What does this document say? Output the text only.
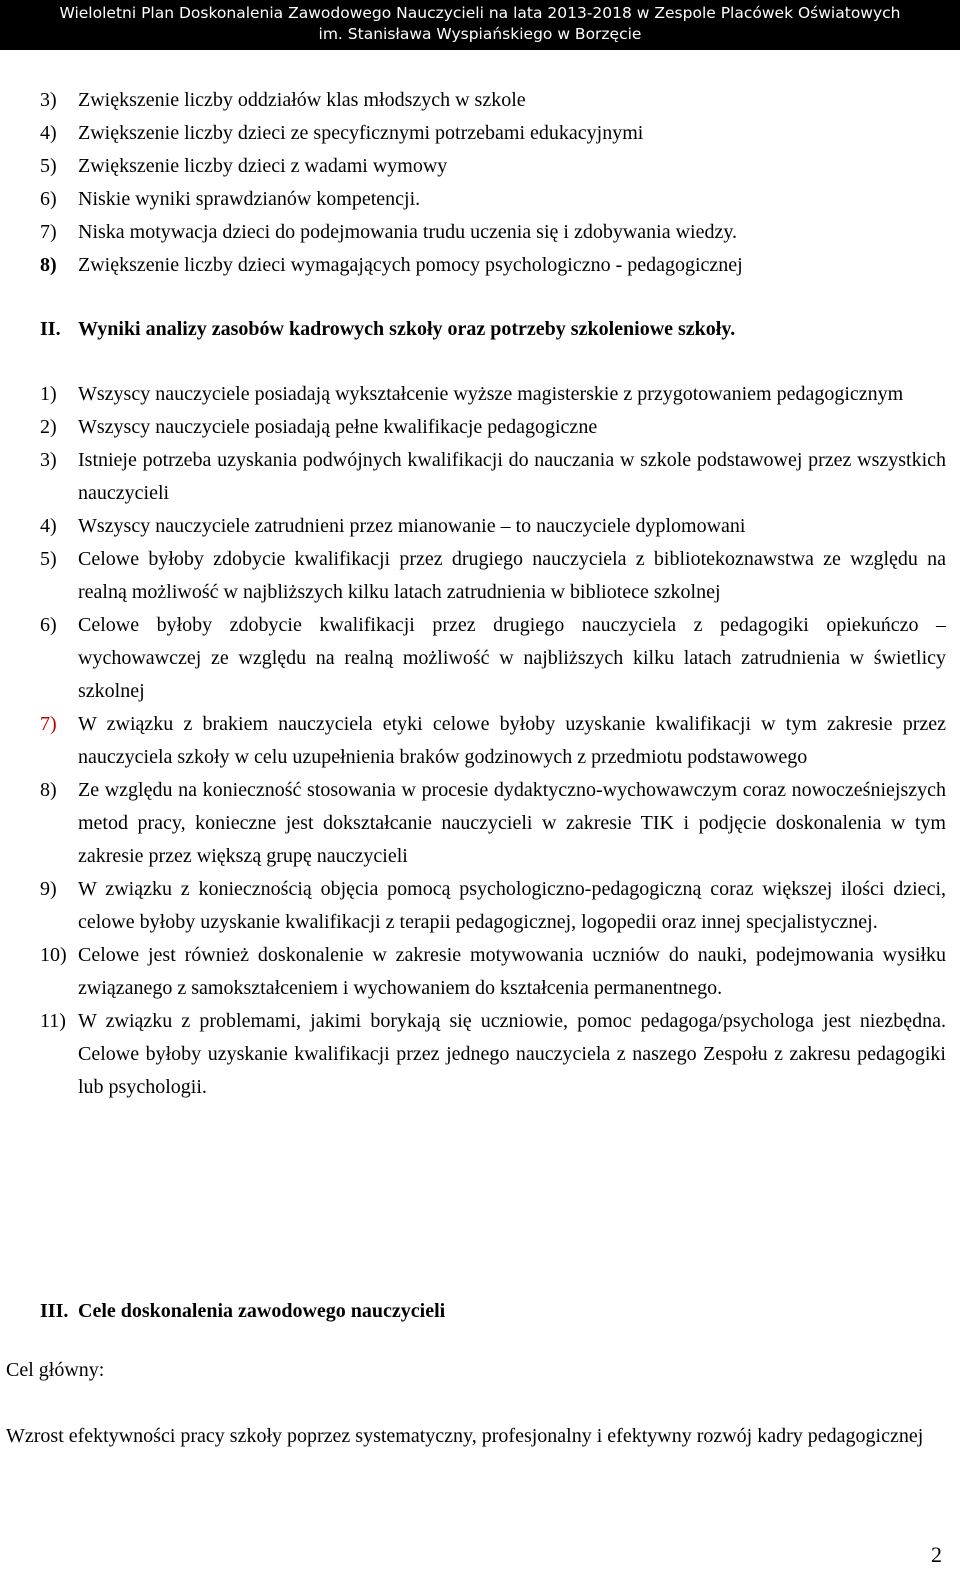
Wieloletni Plan Doskonalenia Zawodowego Nauczycieli na lata 2013-2018 w Zespole Placówek Oświatowych
im. Stanisława Wyspiańskiego w Borzęcie
3)	Zwiększenie liczby oddziałów klas młodszych w szkole
4)	Zwiększenie liczby dzieci ze specyficznymi potrzebami edukacyjnymi
5)	Zwiększenie liczby dzieci z wadami wymowy
6)	Niskie wyniki sprawdzianów kompetencji.
7)	Niska motywacja dzieci do podejmowania trudu uczenia się i zdobywania wiedzy.
8)	Zwiększenie liczby dzieci wymagających pomocy psychologiczno - pedagogicznej
II. Wyniki analizy zasobów kadrowych szkoły oraz potrzeby szkoleniowe szkoły.
1)	Wszyscy nauczyciele posiadają wykształcenie wyższe magisterskie z przygotowaniem pedagogicznym
2)	Wszyscy nauczyciele posiadają pełne kwalifikacje pedagogiczne
3)	Istnieje potrzeba uzyskania podwójnych kwalifikacji do nauczania w szkole podstawowej przez wszystkich nauczycieli
4)	Wszyscy nauczyciele zatrudnieni przez mianowanie – to nauczyciele dyplomowani
5)	Celowe byłoby zdobycie kwalifikacji przez drugiego nauczyciela z bibliotekoznawstwa ze względu na realną możliwość w najbliższych kilku latach zatrudnienia w bibliotece szkolnej
6)	Celowe byłoby zdobycie kwalifikacji przez drugiego nauczyciela z pedagogiki opiekuńczo – wychowawczej ze względu na realną możliwość w najbliższych kilku latach zatrudnienia w świetlicy szkolnej
7)	W związku z brakiem nauczyciela etyki celowe byłoby uzyskanie kwalifikacji w tym zakresie przez nauczyciela szkoły w celu uzupełnienia braków godzinowych z przedmiotu podstawowego
8)	Ze względu na konieczność stosowania w procesie dydaktyczno-wychowawczym coraz nowocześniejszych metod pracy, konieczne jest dokształcanie nauczycieli w zakresie TIK i podjęcie doskonalenia w tym zakresie przez większą grupę nauczycieli
9)	W związku z koniecznością objęcia pomocą psychologiczno-pedagogiczną coraz większej ilości dzieci, celowe byłoby uzyskanie kwalifikacji z terapii pedagogicznej, logopedii oraz innej specjalistycznej.
10) Celowe jest również doskonalenie w zakresie motywowania uczniów do nauki, podejmowania wysiłku związanego z samokształceniem i wychowaniem do kształcenia permanentnego.
11) W związku z problemami, jakimi borykają się uczniowie, pomoc pedagoga/psychologa jest niezbędna. Celowe byłoby uzyskanie kwalifikacji przez jednego nauczyciela z naszego Zespołu z zakresu pedagogiki lub psychologii.
III. Cele doskonalenia zawodowego nauczycieli
Cel główny:
Wzrost efektywności pracy szkoły poprzez systematyczny, profesjonalny i efektywny rozwój kadry pedagogicznej
2
